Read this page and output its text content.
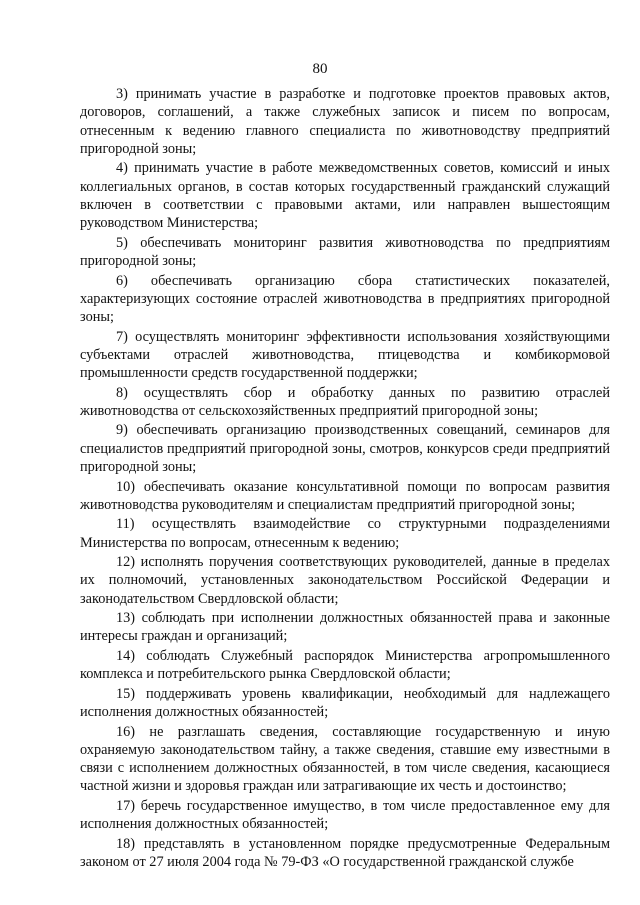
80

3) принимать участие в разработке и подготовке проектов правовых актов, договоров, соглашений, а также служебных записок и писем по вопросам, отнесенным к ведению главного специалиста по животноводству предприятий пригородной зоны;

4) принимать участие в работе межведомственных советов, комиссий и иных коллегиальных органов, в состав которых государственный гражданский служащий включен в соответствии с правовыми актами, или направлен вышестоящим руководством Министерства;

5) обеспечивать мониторинг развития животноводства по предприятиям пригородной зоны;

6) обеспечивать организацию сбора статистических показателей, характеризующих состояние отраслей животноводства в предприятиях пригородной зоны;

7) осуществлять мониторинг эффективности использования хозяйствующими субъектами отраслей животноводства, птицеводства и комбикормовой промышленности средств государственной поддержки;

8) осуществлять сбор и обработку данных по развитию отраслей животноводства от сельскохозяйственных предприятий пригородной зоны;

9) обеспечивать организацию производственных совещаний, семинаров для специалистов предприятий пригородной зоны, смотров, конкурсов среди предприятий пригородной зоны;

10) обеспечивать оказание консультативной помощи по вопросам развития животноводства руководителям и специалистам предприятий пригородной зоны;

11) осуществлять взаимодействие со структурными подразделениями Министерства по вопросам, отнесенным к ведению;

12) исполнять поручения соответствующих руководителей, данные в пределах их полномочий, установленных законодательством Российской Федерации и законодательством Свердловской области;

13) соблюдать при исполнении должностных обязанностей права и законные интересы граждан и организаций;

14) соблюдать Служебный распорядок Министерства агропромышленного комплекса и потребительского рынка Свердловской области;

15) поддерживать уровень квалификации, необходимый для надлежащего исполнения должностных обязанностей;

16) не разглашать сведения, составляющие государственную и иную охраняемую законодательством тайну, а также сведения, ставшие ему известными в связи с исполнением должностных обязанностей, в том числе сведения, касающиеся частной жизни и здоровья граждан или затрагивающие их честь и достоинство;

17) беречь государственное имущество, в том числе предоставленное ему для исполнения должностных обязанностей;

18) представлять в установленном порядке предусмотренные Федеральным законом от 27 июля 2004 года № 79-ФЗ «О государственной гражданской службе
